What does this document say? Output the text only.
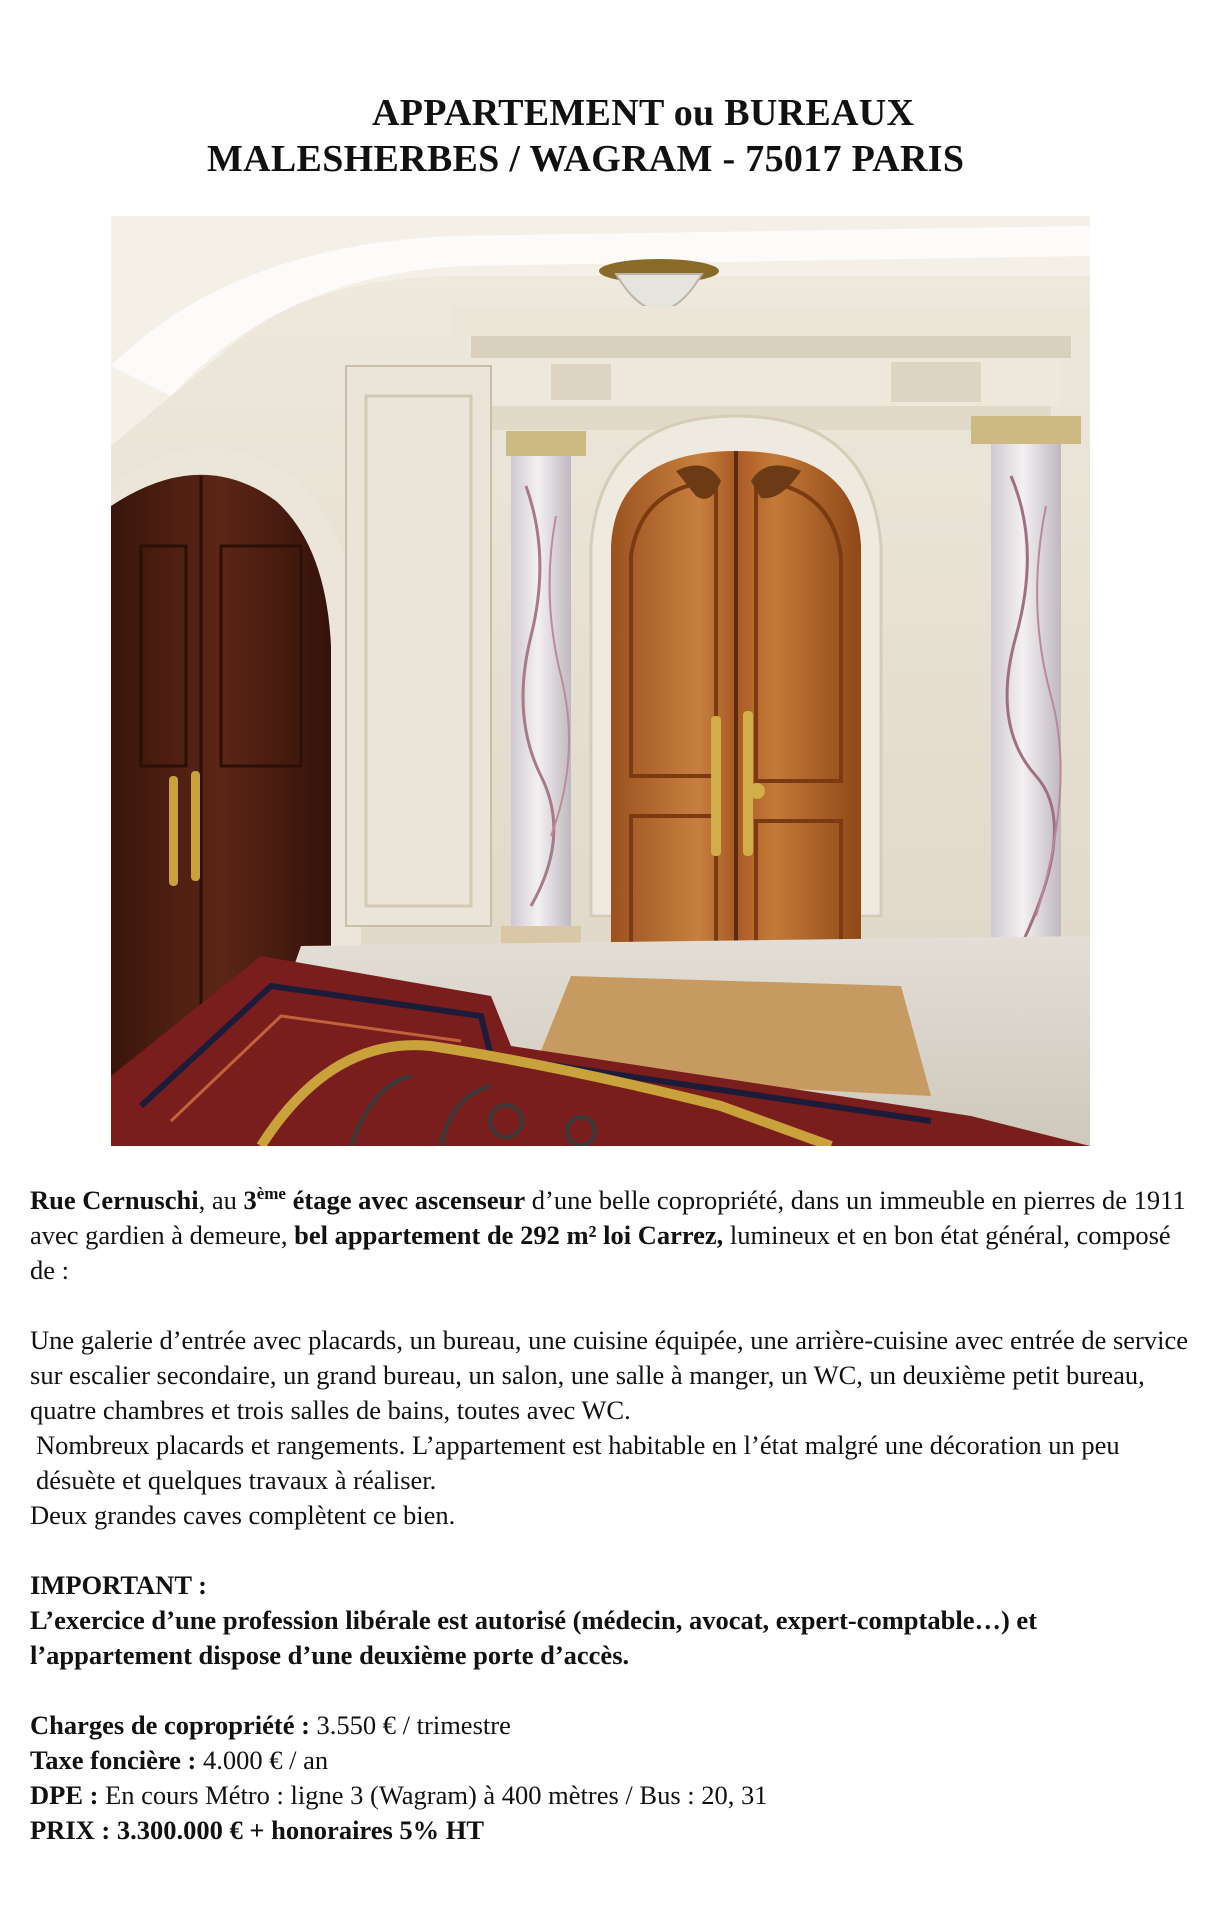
APPARTEMENT ou BUREAUX
MALESHERBES / WAGRAM - 75017 PARIS

Rue Cernuschi, au 3ème étage avec ascenseur d’une belle copropriété, dans un immeuble en pierres de 1911 avec gardien à demeure, bel appartement de 292 m² loi Carrez, lumineux et en bon état général, composé de :

Une galerie d’entrée avec placards, un bureau, une cuisine équipée, une arrière-cuisine avec entrée de service sur escalier secondaire, un grand bureau, un salon, une salle à manger, un WC, un deuxième petit bureau, quatre chambres et trois salles de bains, toutes avec WC.

Nombreux placards et rangements. L’appartement est habitable en l’état malgré une décoration un peu désuète et quelques travaux à réaliser.

Deux grandes caves complètent ce bien.

IMPORTANT :

L’exercice d’une profession libérale est autorisé (médecin, avocat, expert-comptable…) et l’appartement dispose d’une deuxième porte d’accès.

Charges de copropriété : 3.550 € / trimestre

Taxe foncière : 4.000 € / an

DPE : En cours Métro : ligne 3 (Wagram) à 400 mètres / Bus : 20, 31

PRIX : 3.300.000 € + honoraires 5% HT
